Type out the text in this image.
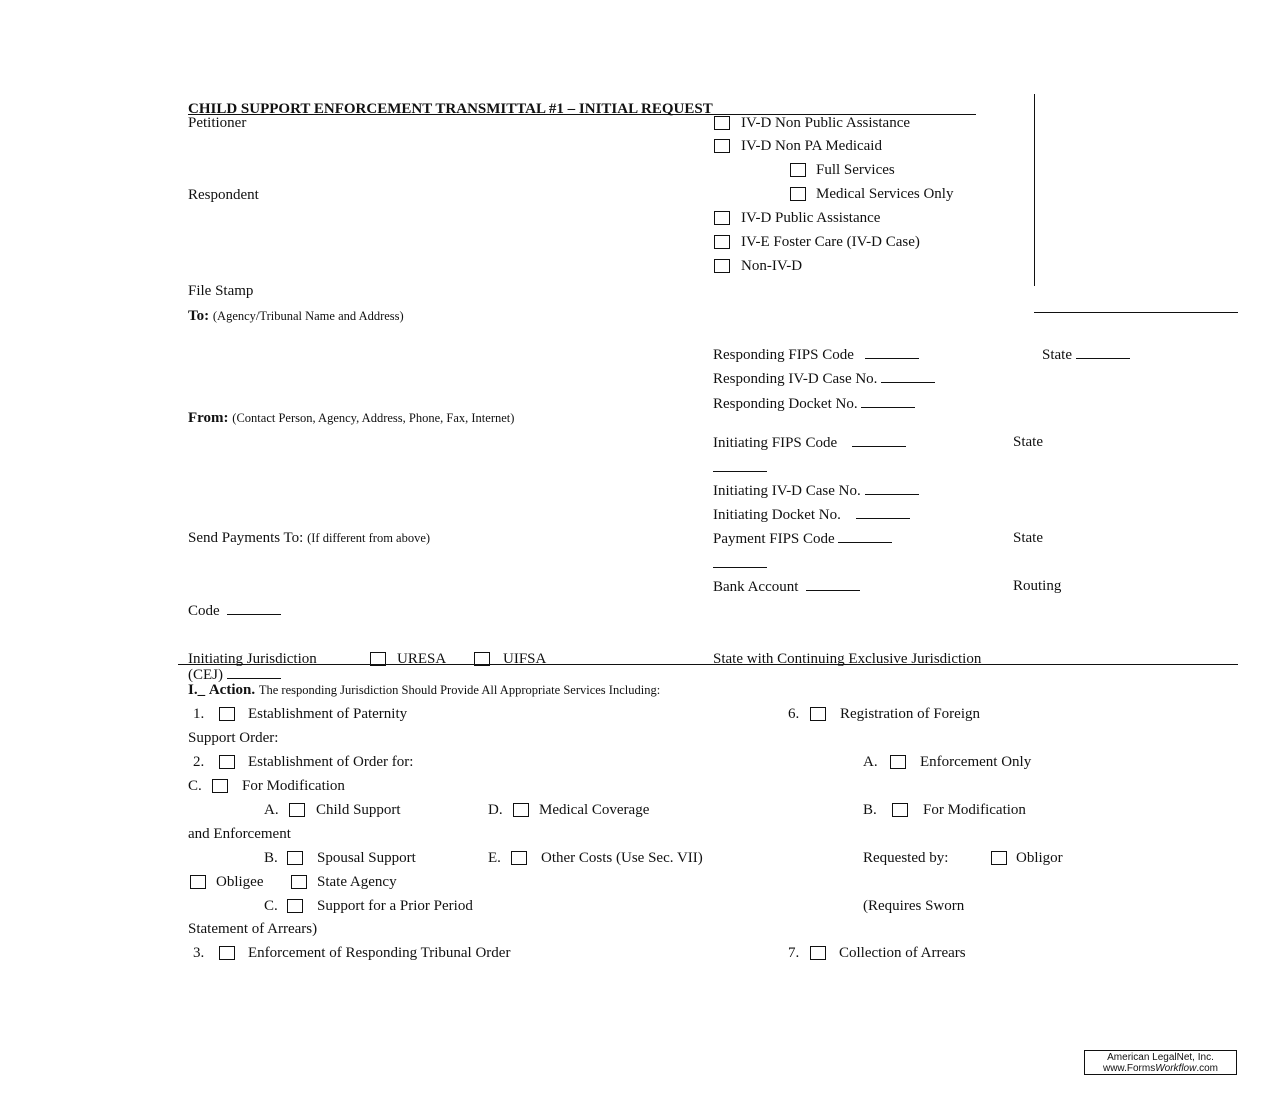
CHILD SUPPORT ENFORCEMENT TRANSMITTAL #1 – INITIAL REQUEST
Petitioner
Respondent
File Stamp
To: (Agency/Tribunal Name and Address)
IV-D Non Public Assistance
IV-D Non PA Medicaid
Full Services
Medical Services Only
IV-D Public Assistance
IV-E Foster Care (IV-D Case)
Non-IV-D
Responding FIPS Code	State
Responding IV-D Case No.
Responding Docket No.
From: (Contact Person, Agency, Address, Phone, Fax, Internet)
Initiating FIPS Code	State
Initiating IV-D Case No.
Initiating Docket No.
Send Payments To: (If different from above)	Payment FIPS Code	State
Bank Account	Routing
Code
Initiating Jurisdiction	URESA	UIFSA	State with Continuing Exclusive Jurisdiction
(CEJ)
I._ Action. The responding Jurisdiction Should Provide All Appropriate Services Including:
1.	Establishment of Paternity	6.	Registration of Foreign
Support Order:
2.	Establishment of Order for:	A.	Enforcement Only
C.	For Modification
A. Child Support	D. Medical Coverage	B.	For Modification
and Enforcement
B.	Spousal Support	E.	Other Costs (Use Sec. VII)	Requested by:	Obligor
Obligee	State Agency
C.	Support for a Prior Period	(Requires Sworn
Statement of Arrears)
3.	Enforcement of Responding Tribunal Order	7.	Collection of Arrears
American LegalNet, Inc.
www.FormsWorkflow.com
